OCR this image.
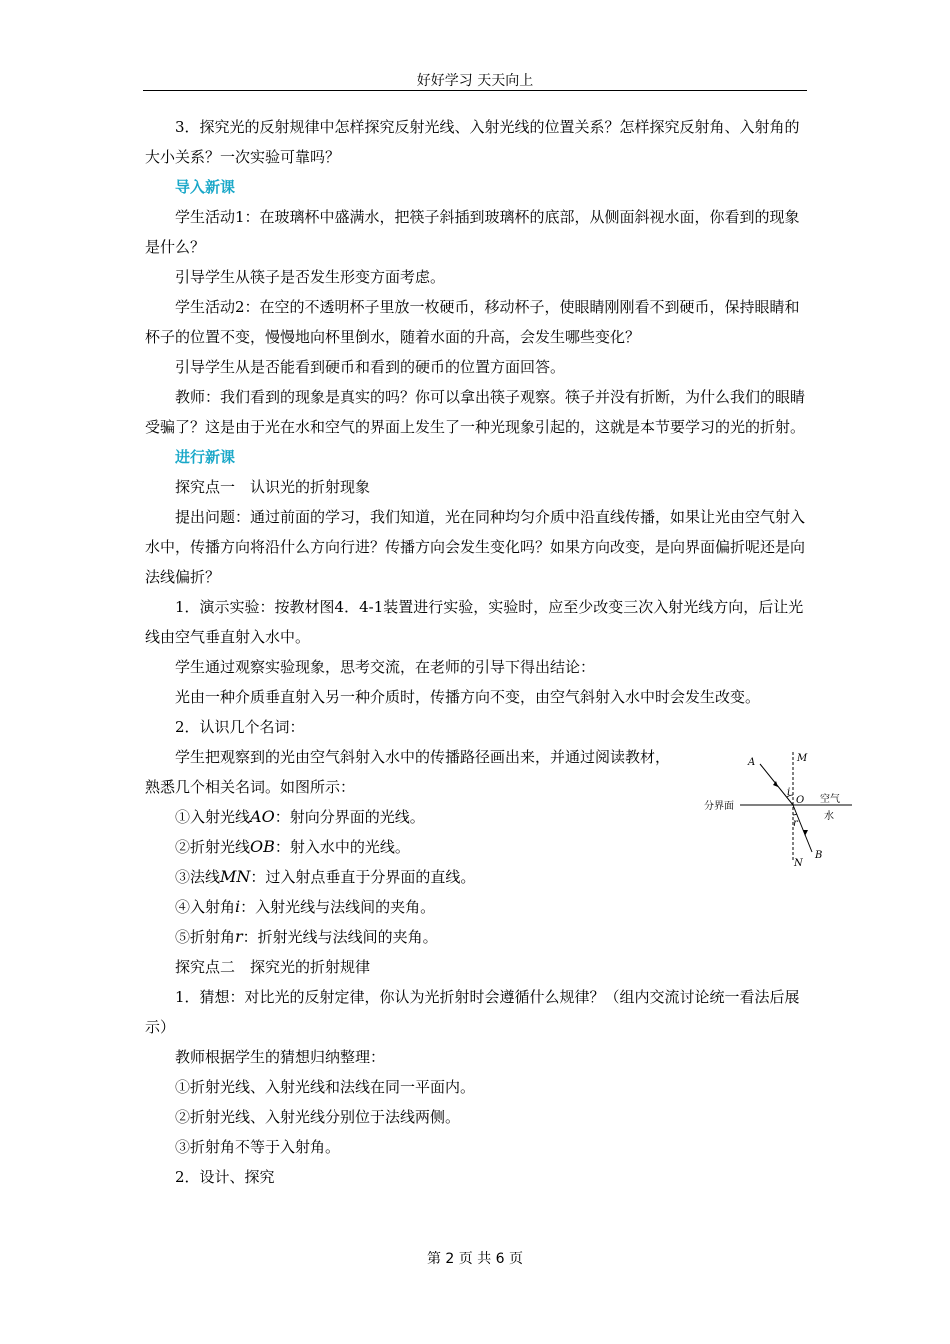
好好学习 天天向上

3．探究光的反射规律中怎样探究反射光线、入射光线的位置关系？怎样探究反射角、入射角的大小关系？一次实验可靠吗？

导入新课

学生活动1：在玻璃杯中盛满水，把筷子斜插到玻璃杯的底部，从侧面斜视水面，你看到的现象是什么？

引导学生从筷子是否发生形变方面考虑。

学生活动2：在空的不透明杯子里放一枚硬币，移动杯子，使眼睛刚刚看不到硬币，保持眼睛和杯子的位置不变，慢慢地向杯里倒水，随着水面的升高，会发生哪些变化？

引导学生从是否能看到硬币和看到的硬币的位置方面回答。

教师：我们看到的现象是真实的吗？你可以拿出筷子观察。筷子并没有折断，为什么我们的眼睛受骗了？这是由于光在水和空气的界面上发生了一种光现象引起的，这就是本节要学习的光的折射。

进行新课

探究点一　认识光的折射现象

提出问题：通过前面的学习，我们知道，光在同种均匀介质中沿直线传播，如果让光由空气射入水中，传播方向将沿什么方向行进？传播方向会发生变化吗？如果方向改变，是向界面偏折呢还是向法线偏折？

1．演示实验：按教材图4．4-1装置进行实验，实验时，应至少改变三次入射光线方向，后让光线由空气垂直射入水中。

学生通过观察实验现象，思考交流，在老师的引导下得出结论：

光由一种介质垂直射入另一种介质时，传播方向不变，由空气斜射入水中时会发生改变。

2．认识几个名词：

学生把观察到的光由空气斜射入水中的传播路径画出来，并通过阅读教材，熟悉几个相关名词。如图所示：

①入射光线AO：射向分界面的光线。

②折射光线OB：射入水中的光线。

③法线MN：过入射点垂直于分界面的直线。

④入射角i：入射光线与法线间的夹角。

⑤折射角r：折射光线与法线间的夹角。

探究点二　探究光的折射规律

1．猜想：对比光的反射定律，你认为光折射时会遵循什么规律？（组内交流讨论统一看法后展示）

教师根据学生的猜想归纳整理：

①折射光线、入射光线和法线在同一平面内。

②折射光线、入射光线分别位于法线两侧。

③折射角不等于入射角。

2．设计、探究

A	M
O
i
r
N
B
分界面
空气
水
第 2 页 共 6 页
